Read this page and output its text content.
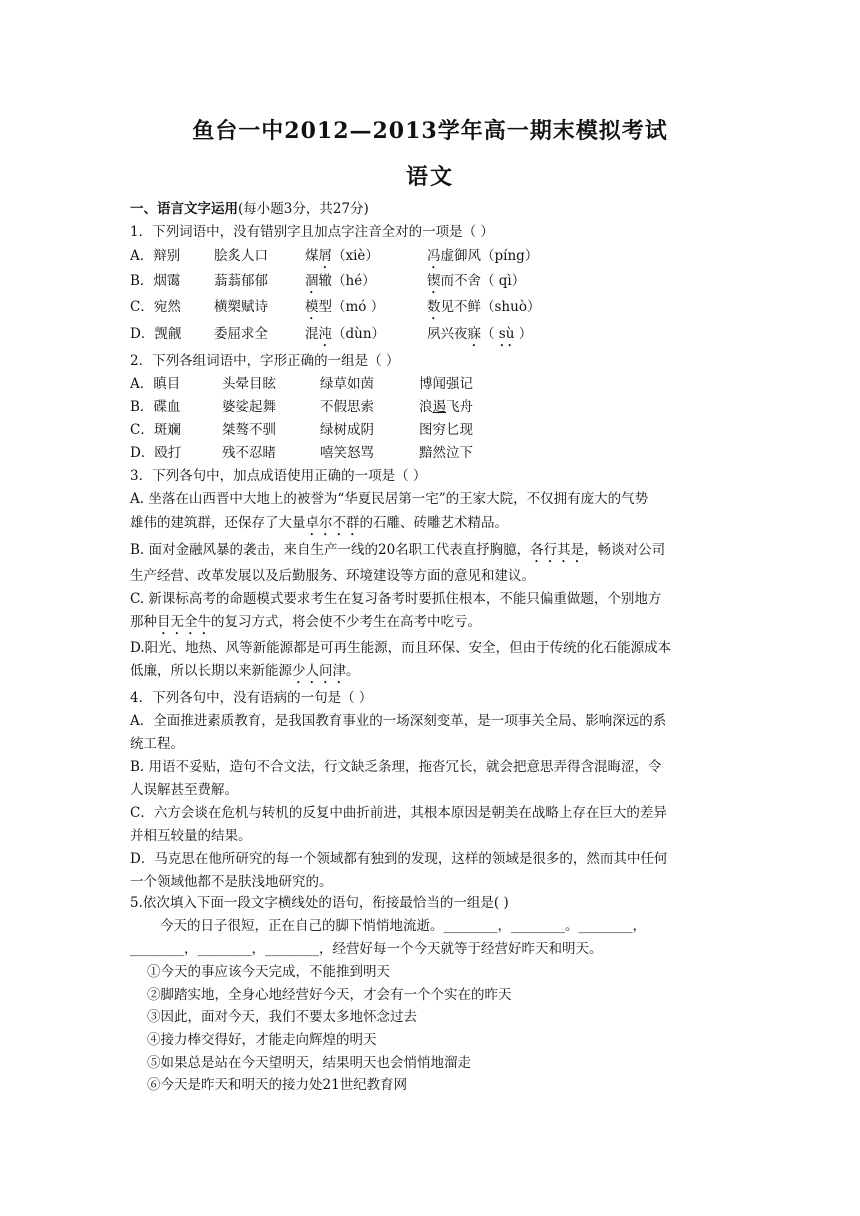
鱼台一中2012—2013学年高一期末模拟考试
语文
一、语言文字运用(每小题3分，共27分)
1．下列词语中，没有错别字且加点字注音全对的一项是（ ）
A．辩别	脍炙人口	煤屑（xiè）	冯虚御风（píng）
B．烟霭 蓊蓊郁郁	涸辙（hé）	锲而不舍（ qì）
C．宛然 横槊赋诗	模型（mó ）	数见不鲜（shuò）
D．觊觎 委屈求全	混沌（dùn）	夙兴夜寐（ sù ）
2．下列各组词语中，字形正确的一组是（ ）
A．瞋目	头晕目眩	绿草如茵	博闻强记
B．碟血	婆娑起舞	不假思索	浪遏飞舟
C．斑斓	桀骜不驯	绿树成阴	图穷匕现
D．殴打	残不忍睹	嘻笑怒骂	黯然泣下
3．下列各句中，加点成语使用正确的一项是（ ）
A. 坐落在山西晋中大地上的被誉为“华夏民居第一宅”的王家大院，不仅拥有庞大的气势
雄伟的建筑群，还保存了大量卓尔不群的石雕、砖雕艺术精品。
B. 面对金融风暴的袭击，来自生产一线的20名职工代表直抒胸臆，各行其是，畅谈对公司
生产经营、改革发展以及后勤服务、环境建设等方面的意见和建议。
C. 新课标高考的命题模式要求考生在复习备考时要抓住根本，不能只偏重做题，个别地方
那种目无全牛的复习方式，将会使不少考生在高考中吃亏。
D.阳光、地热、风等新能源都是可再生能源，而且环保、安全，但由于传统的化石能源成本
低廉，所以长期以来新能源少人问津。
4．下列各句中，没有语病的一句是（ ）
A．全面推进素质教育，是我国教育事业的一场深刻变革，是一项事关全局、影响深远的系
统工程。
B. 用语不妥贴，造句不合文法，行文缺乏条理，拖沓冗长，就会把意思弄得含混晦涩，令
人误解甚至费解。
C．六方会谈在危机与转机的反复中曲折前进，其根本原因是朝美在战略上存在巨大的差异
并相互较量的结果。
D．马克思在他所研究的每一个领域都有独到的发现，这样的领域是很多的，然而其中任何
一个领域他都不是肤浅地研究的。
5.依次填入下面一段文字横线处的语句，衔接最恰当的一组是( )
今天的日子很短，正在自己的脚下悄悄地流逝。________，________。________，
________，________，________，经营好每一个今天就等于经营好昨天和明天。
①今天的事应该今天完成，不能推到明天
②脚踏实地，全身心地经营好今天，才会有一个个实在的昨天
③因此，面对今天，我们不要太多地怀念过去
④接力棒交得好，才能走向辉煌的明天
⑤如果总是站在今天望明天，结果明天也会悄悄地溜走
⑥今天是昨天和明天的接力处21世纪教育网
